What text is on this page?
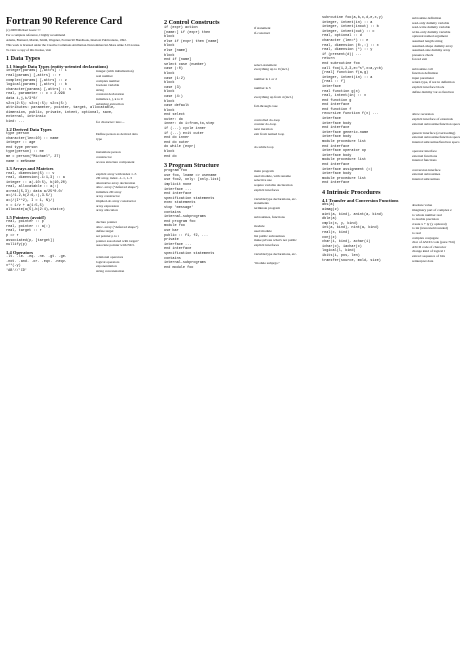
Fortran 90 Reference Card
(c) 2008 Michael Goerz <>
For a complete reference, I highly recommend
Adams, Brainerd, Martin, Smith, Wagener, Fortran 90 Handbook, Intertext Publications, 1992.
This work is licensed under the Creative Commons Attribution-Noncommercial-Share Alike 3.0 License.
To view a copy of this license, visit
1 Data Types
1.1 Simple Data Types (entity-oriented declarations)
integer(params) [,attrs] :: i	integer (with initialization)
real(params) [,attrs] :: r	real number
complex(params) [,attrs] :: z	complex number
logical(params) [,attrs] :: b	boolean variable
character(params) [,attrs] :: s	string
real, parameter :: c = 2.998	constant declaration
data i,j,k/3*0/	initialize i, j, k to 0
s2=s(2:5); s2=s(:5); s2=s(5:)	substring extraction
attributes: parameter, pointer, target, allocatable,
dimension, public, private, intent, optional, save,
external, intrinsic
kind: ...	for character: len=...
1.2 Derived Data Types
type person	Define person as derived data
character(len=10) :: name	type
integer :: age
end type person
type(person) :: me	instantiate person
me = person("Michael", 27)	constructor
name = me%name	access structure component
1.3 Arrays and Matrices
real, dimension(5) :: v	explicit array with index 1..5
real, dimension(-1:1,3) :: a	2D array, index -1..1, 1..3
integer :: a(-10:5), b(10,20)	alternative array declaration
real, allocatable :: a(:)	alloc. array ("deferred shape")
a=real(5,3); data a/25*0.0/	initialize 2D array
a=(/1.2,b(2:6,:),3.5/)	array constructor
a=(/(I**2), I = 1, N)/)	implied-do array constructor
v = 1/v + a(1:5,5)	array expression
allocate(a(5),b(2:4),stat=e)	array allocation
1.5 Pointers (avoid!)
real, pointer :: p	declare pointer
real, pointer :: a(:)	alloc. array ("deferred shape")
real, target :: r	define target
p => r	set pointer p to r
associated(p, [target])	pointer associated with target?
nullify(p)	associate pointer with NUL
1.4 Operators
.lt. .le. .eq. .ne. .gt. .ge.	relational operators
.not. .and. .or. .eqv. .neqv.	logical operators
x**(-y)	exponentiation
'AB'//'CD'	string concatenation
2 Control Constructs
if (expr) action	if statement
[name:] if (expr) then	if-construct
block
else if (expr) then [name]
block
else [name]
block
end if [name]
select case (number)	select-statement
case (:0)	everything up to 0 (incl.)
block
case (1:2)	number is 1 or 2
block
case (3)	number is 3
block
case (4:)	everything up from 4 (incl.)
block
case default	fall-through case
block
end select
outer: do	controlled do-loop
inner: do i=from,to,step	counter do-loop
if (...) cycle inner	next iteration
if (...) exit outer	exit from named loop
end do inner
end do outer
do while (expr)	do-while loop
block
end do
3 Program Structure
program foo	main program
use foo, lname => usename	used module, with rename
use foo2, only: [only-list]	selective use
implicit none	require variable declaration
interface ...	explicit interfaces
end interface
specification statements	variable/type declarations, etc.
exec statements	statements
stop 'message'	terminate program
contains
internal-subprograms	subroutines, functions
end program foo
module foo	module
use bar	used module
public :: f1, f2, ...	list public subroutines
private	make private what's not public
interface ...	explicit interfaces
end interface
specification statements	variable/type declarations, etc.
contains
internal-subprograms	"module subprgs."
end module foo
subroutine foo(a,b,c,d,e,x,y)	subroutine definition
integer, intent(in) :: a	read-only dummy variable
integer, intent(inout) :: b	read-write dummy variable
integer, intent(out) :: c	write-only dummy variable
real, optional :: d	optional named argument
character (len=*) :: e	assumed length string
real, dimension (0:,:) :: x	assumed-shape dummy array
real, dimension (*) :: y	assumed-size dummy array
if (present(d)) ...	presence check
return	forced exit
end subroutine foo
call foo(1,2,3,e="s",x=a,y=b)	subroutine call
[real] function f(a,g)	function definition
integer, intent(in) :: a	input parameter
[real :: f]	return type, if not in definition
interface	explicit interface block
real function g(x)	define dummy var as function
real, intent(in) :: x
end function g
end interface
end function f
recursive function f(x) ...	allow recursion
interface	explicit interface of externals
interface body	external subroutine/function specs
end interface
interface generic-name	generic interface (overloading)
interface body	external subroutine/function specs
module procedure list	internal subroutine/function specs
end interface
interface operator op	operator interface
interface body	external functions
module procedure list	internal functions
end interface
interface assignment (=)	conversion interface
interface body	external subroutines
module procedure list	internal subroutines
end interface
4 Intrinsic Procedures
4.1 Transfer and Conversion Functions
abs(a)	absolute value
aimag(z)	imaginary part of complex z
aint(a, kind), anint(a, kind)	to whole number real
dble(a)	to double precision
cmplx(x, y, kind)	create x + iy (y optional)
int(a, kind), nint(a, kind)	to int (truncated/rounded)
real(x, kind)	to real
conj(z)	complex conjugate
char(i, kind), achar(i)	char of ASCII code (pure 7bit)
ichar(c), iachar(c)	ASCII code of character
logical(l, kind)	change kind of logical l
ibits(i, pos, len)	extract sequence of bits
transfer(source, mold, size)	reinterpret data
